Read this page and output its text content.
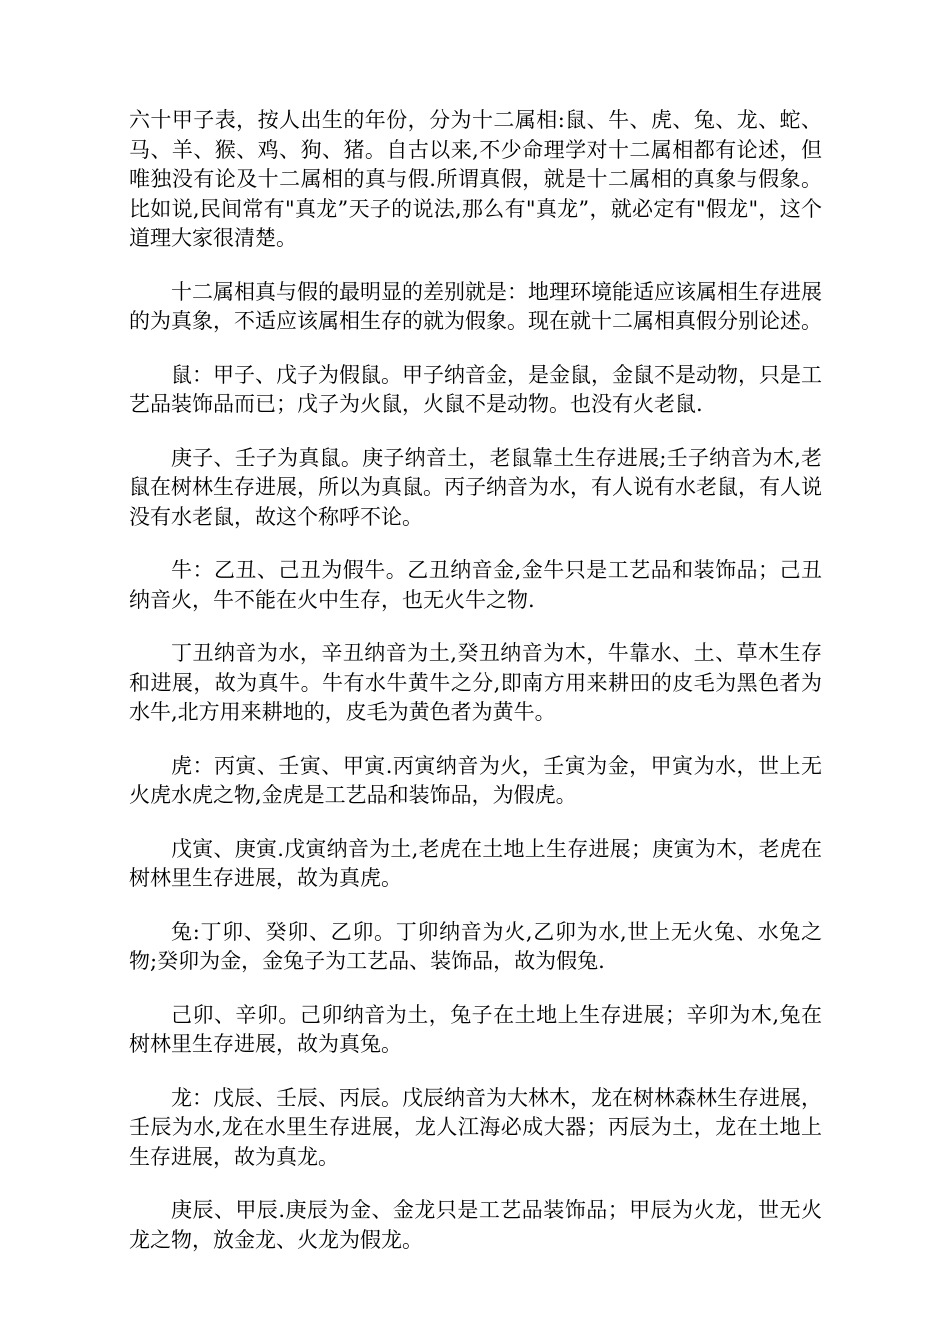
六十甲子表，按人出生的年份，分为十二属相:鼠、牛、虎、兔、龙、蛇、马、羊、猴、鸡、狗、猪。自古以来,不少命理学对十二属相都有论述，但唯独没有论及十二属相的真与假.所谓真假，就是十二属相的真象与假象。比如说,民间常有"真龙”天子的说法,那么有"真龙”，就必定有"假龙"，这个道理大家很清楚。

十二属相真与假的最明显的差别就是：地理环境能适应该属相生存进展的为真象，不适应该属相生存的就为假象。现在就十二属相真假分别论述。

鼠：甲子、戊子为假鼠。甲子纳音金，是金鼠，金鼠不是动物，只是工艺品装饰品而已；戊子为火鼠，火鼠不是动物。也没有火老鼠.

庚子、壬子为真鼠。庚子纳音土，老鼠靠土生存进展;壬子纳音为木,老鼠在树林生存进展，所以为真鼠。丙子纳音为水，有人说有水老鼠，有人说没有水老鼠，故这个称呼不论。

牛：乙丑、己丑为假牛。乙丑纳音金,金牛只是工艺品和装饰品；己丑纳音火，牛不能在火中生存，也无火牛之物.

丁丑纳音为水，辛丑纳音为土,癸丑纳音为木，牛靠水、土、草木生存和进展，故为真牛。牛有水牛黄牛之分,即南方用来耕田的皮毛为黑色者为水牛,北方用来耕地的，皮毛为黄色者为黄牛。

虎：丙寅、壬寅、甲寅.丙寅纳音为火，壬寅为金，甲寅为水，世上无火虎水虎之物,金虎是工艺品和装饰品，为假虎。

戊寅、庚寅.戊寅纳音为土,老虎在土地上生存进展；庚寅为木，老虎在树林里生存进展，故为真虎。

兔:丁卯、癸卯、乙卯。丁卯纳音为火,乙卯为水,世上无火兔、水兔之物;癸卯为金，金兔子为工艺品、装饰品，故为假兔.

己卯、辛卯。己卯纳音为土，兔子在土地上生存进展；辛卯为木,兔在树林里生存进展，故为真兔。

龙：戊辰、壬辰、丙辰。戊辰纳音为大林木，龙在树林森林生存进展，壬辰为水,龙在水里生存进展，龙人江海必成大器；丙辰为土，龙在土地上生存进展，故为真龙。

庚辰、甲辰.庚辰为金、金龙只是工艺品装饰品；甲辰为火龙，世无火龙之物，放金龙、火龙为假龙。
